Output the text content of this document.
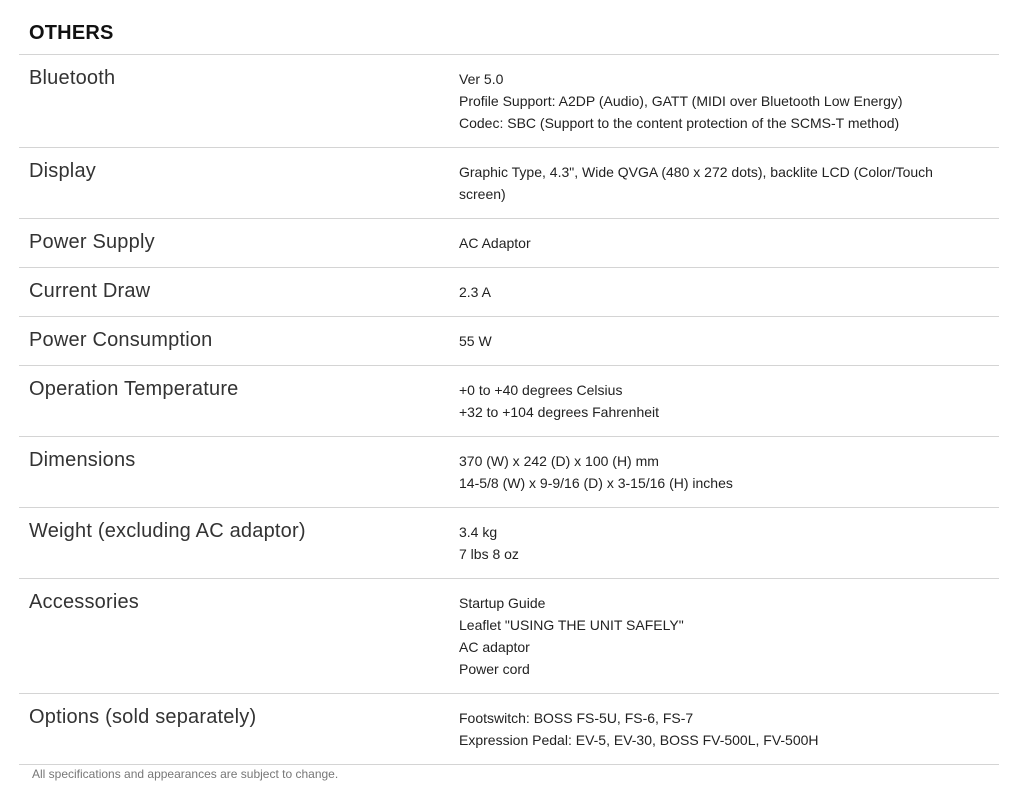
OTHERS
Bluetooth	Ver 5.0
Profile Support: A2DP (Audio), GATT (MIDI over Bluetooth Low Energy)
Codec: SBC (Support to the content protection of the SCMS-T method)
Display	Graphic Type, 4.3", Wide QVGA (480 x 272 dots), backlite LCD (Color/Touch
screen)
Power Supply	AC Adaptor
Current Draw	2.3 A
Power Consumption	55 W
Operation Temperature	+0 to +40 degrees Celsius
+32 to +104 degrees Fahrenheit
Dimensions	370 (W) x 242 (D) x 100 (H) mm
14-5/8 (W) x 9-9/16 (D) x 3-15/16 (H) inches
Weight (excluding AC adaptor)	3.4 kg
7 lbs 8 oz
Accessories	Startup Guide
Leaflet "USING THE UNIT SAFELY"
AC adaptor
Power cord
Options (sold separately)	Footswitch: BOSS FS-5U, FS-6, FS-7
Expression Pedal: EV-5, EV-30, BOSS FV-500L, FV-500H
All specifications and appearances are subject to change.
